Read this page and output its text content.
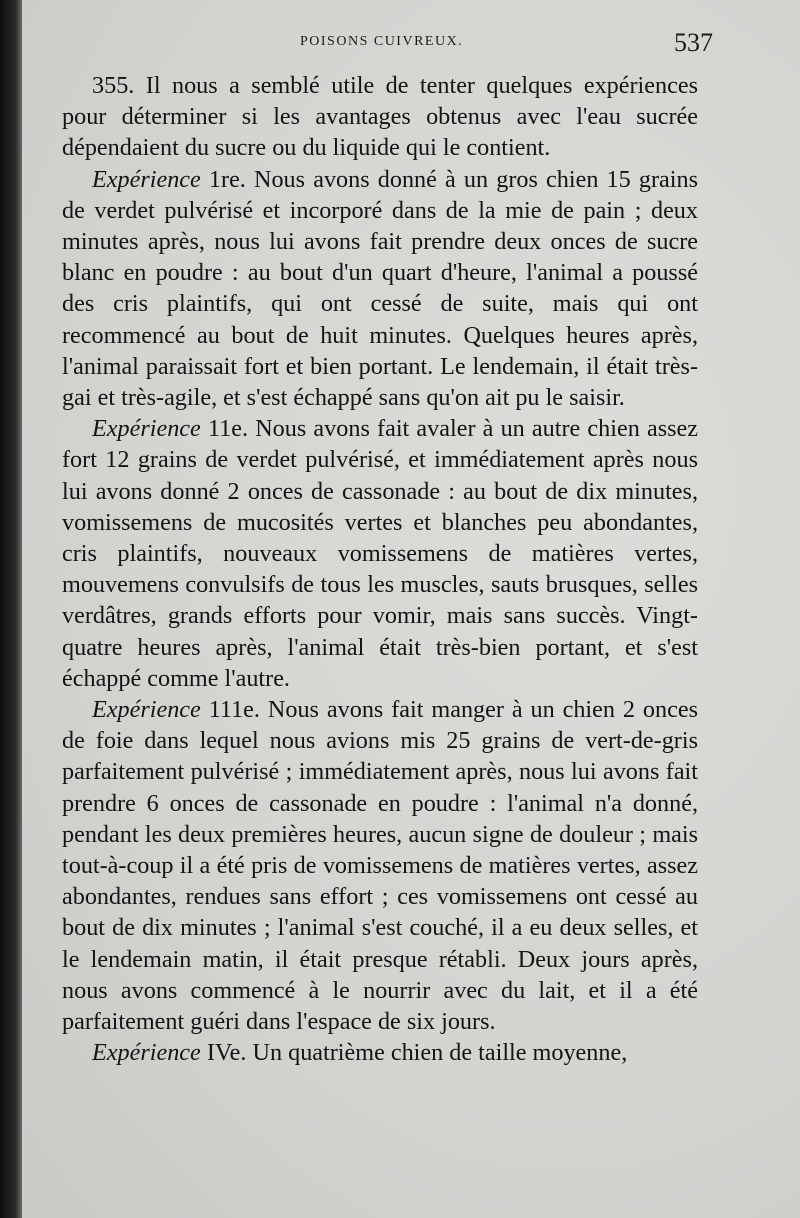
POISONS CUIVREUX.	537

355. Il nous a semblé utile de tenter quelques expériences pour déterminer si les avantages obtenus avec l'eau sucrée dépendaient du sucre ou du liquide qui le contient.

Expérience 1re. Nous avons donné à un gros chien 15 grains de verdet pulvérisé et incorporé dans de la mie de pain ; deux minutes après, nous lui avons fait prendre deux onces de sucre blanc en poudre : au bout d'un quart d'heure, l'animal a poussé des cris plaintifs, qui ont cessé de suite, mais qui ont recommencé au bout de huit minutes. Quelques heures après, l'animal paraissait fort et bien portant. Le lendemain, il était très-gai et très-agile, et s'est échappé sans qu'on ait pu le saisir.

Expérience 11e. Nous avons fait avaler à un autre chien assez fort 12 grains de verdet pulvérisé, et immédiatement après nous lui avons donné 2 onces de cassonade : au bout de dix minutes, vomissemens de mucosités vertes et blanches peu abondantes, cris plaintifs, nouveaux vomissemens de matières vertes, mouvemens convulsifs de tous les muscles, sauts brusques, selles verdâtres, grands efforts pour vomir, mais sans succès. Vingt-quatre heures après, l'animal était très-bien portant, et s'est échappé comme l'autre.

Expérience 111e. Nous avons fait manger à un chien 2 onces de foie dans lequel nous avions mis 25 grains de vert-de-gris parfaitement pulvérisé ; immédiatement après, nous lui avons fait prendre 6 onces de cassonade en poudre : l'animal n'a donné, pendant les deux premières heures, aucun signe de douleur ; mais tout-à-coup il a été pris de vomissemens de matières vertes, assez abondantes, rendues sans effort ; ces vomissemens ont cessé au bout de dix minutes ; l'animal s'est couché, il a eu deux selles, et le lendemain matin, il était presque rétabli. Deux jours après, nous avons commencé à le nourrir avec du lait, et il a été parfaitement guéri dans l'espace de six jours.

Expérience IVe. Un quatrième chien de taille moyenne,
